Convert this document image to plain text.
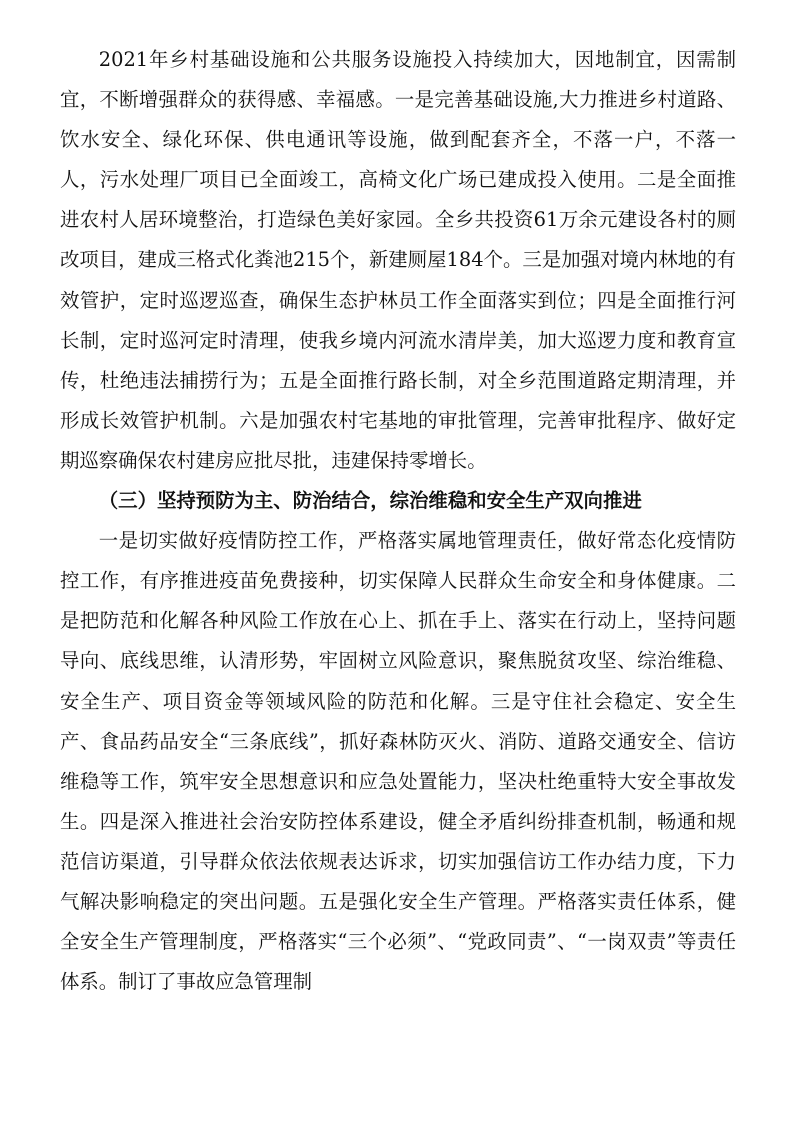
2021年乡村基础设施和公共服务设施投入持续加大，因地制宜，因需制宜，不断增强群众的获得感、幸福感。一是完善基础设施,大力推进乡村道路、饮水安全、绿化环保、供电通讯等设施，做到配套齐全，不落一户，不落一人，污水处理厂项目已全面竣工，高椅文化广场已建成投入使用。二是全面推进农村人居环境整治，打造绿色美好家园。全乡共投资61万余元建设各村的厕改项目，建成三格式化粪池215个，新建厕屋184个。三是加强对境内林地的有效管护，定时巡逻巡查，确保生态护林员工作全面落实到位；四是全面推行河长制，定时巡河定时清理，使我乡境内河流水清岸美，加大巡逻力度和教育宣传，杜绝违法捕捞行为；五是全面推行路长制，对全乡范围道路定期清理，并形成长效管护机制。六是加强农村宅基地的审批管理，完善审批程序、做好定期巡察确保农村建房应批尽批，违建保持零增长。

（三）坚持预防为主、防治结合，综治维稳和安全生产双向推进

一是切实做好疫情防控工作，严格落实属地管理责任，做好常态化疫情防控工作，有序推进疫苗免费接种，切实保障人民群众生命安全和身体健康。二是把防范和化解各种风险工作放在心上、抓在手上、落实在行动上，坚持问题导向、底线思维，认清形势，牢固树立风险意识，聚焦脱贫攻坚、综治维稳、安全生产、项目资金等领域风险的防范和化解。三是守住社会稳定、安全生产、食品药品安全“三条底线”，抓好森林防灭火、消防、道路交通安全、信访维稳等工作，筑牢安全思想意识和应急处置能力，坚决杜绝重特大安全事故发生。四是深入推进社会治安防控体系建设，健全矛盾纠纷排查机制，畅通和规范信访渠道，引导群众依法依规表达诉求，切实加强信访工作办结力度，下力气解决影响稳定的突出问题。五是强化安全生产管理。严格落实责任体系，健全安全生产管理制度，严格落实“三个必须”、“党政同责”、“一岗双责”等责任体系。制订了事故应急管理制
